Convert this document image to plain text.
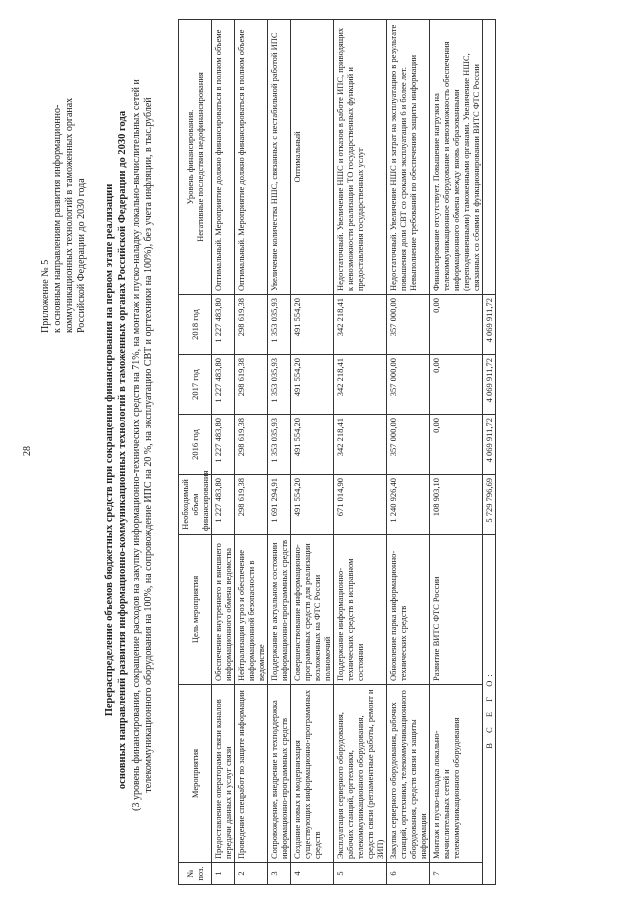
28
Приложение № 5 к основным направлениям развития информационно- коммуникационных технологий в таможенных органах Российской Федерации до 2030 года Перераспределение объемов бюджетных средств при сокращении финансирования на первом этапе реализации основных направлений развития информационно-коммуникационных технологий в таможенных органах Российской Федерации до 2030 года (3 уровень финансирования, сокращение расходов на закупку информационно-технических средств на 71%, на монтаж и пуско-наладку локально-вычислительных сетей и телекоммуникационного оборудования на 100%, на сопровождение ИПС на 20 %, на эксплуатацию СВТ и оргтехники на 100%), без учета инфляции, в тыс.рублей
№ поз.	Мероприятия	Цель мероприятия	Необходимый объем финансирования	2016 год	2017 год	2018 год	Уровень финансирования. Негативные последствия недофинансирования

1	Предоставление операторами связи каналов передачи данных и услуг связи	Обеспечение внутреннего и внешнего информационного обмена ведомства	1 227 483,80	1 227 483,80	1 227 483,80	1 227 483,80	Оптимальный. Мероприятие должно финансироваться в полном объеме
2	Проведение спецработ по защите информации	Нейтрализация угроз и обеспечение информационной безопасности в ведомстве	298 619,38	298 619,38	298 619,38	298 619,38	Оптимальный. Мероприятие должно финансироваться в полном объеме
3	Сопровождение, внедрение и техподдержка информационно-программных средств	Поддержание в актуальном состоянии информационно-программных средств	1 691 294,91	1 353 035,93	1 353 035,93	1 353 035,93	Увеличение количества НШС, связанных с нестабильной работой ИПС
4	Создание новых и модернизация существующих информационно-программных средств	Совершенствование информационно-программных средств для реализации возложенных на ФТС России полномочий	491 554,20	491 554,20	491 554,20	491 554,20	Оптимальный
5	Эксплуатация серверного оборудования, рабочих станций, оргтехники, телекоммуникационного оборудования, средств связи (регламентные работы, ремонт и ЗИП)	Поддержание информационно-технических средств в исправном состоянии	671 014,90	342 218,41	342 218,41	342 218,41	Недостаточный. Увеличение НШС и отказов в работе ИПС, приводящих к невозможности реализации ТО государственных функций и предоставления государственных услуг
6	Закупка серверного оборудования, рабочих станций, оргтехники, телекоммуникационного оборудования, средств связи и защиты информации	Обновление парка информационно-технических средств	1 240 926,40	357 000,00	357 000,00	357 000,00	Недостаточный. Увеличение НШС и затрат на эксплуатацию в результате повышения доли СВТ со сроками эксплуатации 6 и более лет. Невыполнение требований по обеспечению защиты информации
7	Монтаж и пуско-наладка локально-вычислительных сетей и телекоммуникационного оборудования	Развитие ВИТС ФТС России	108 903,10	0,00	0,00	0,00	Финансирование отсутствует. Повышение нагрузки на телекоммуникационное оборудование и невозможность обеспечения информационного обмена между вновь образованными (переподчиненными) таможенными органами. Увеличение НШС, связанных со сбоями в функционировании ВИТС ФТС России
В С Е Г О:			5 729 796,69	4 069 911,72	4 069 911,72	4 069 911,72	
